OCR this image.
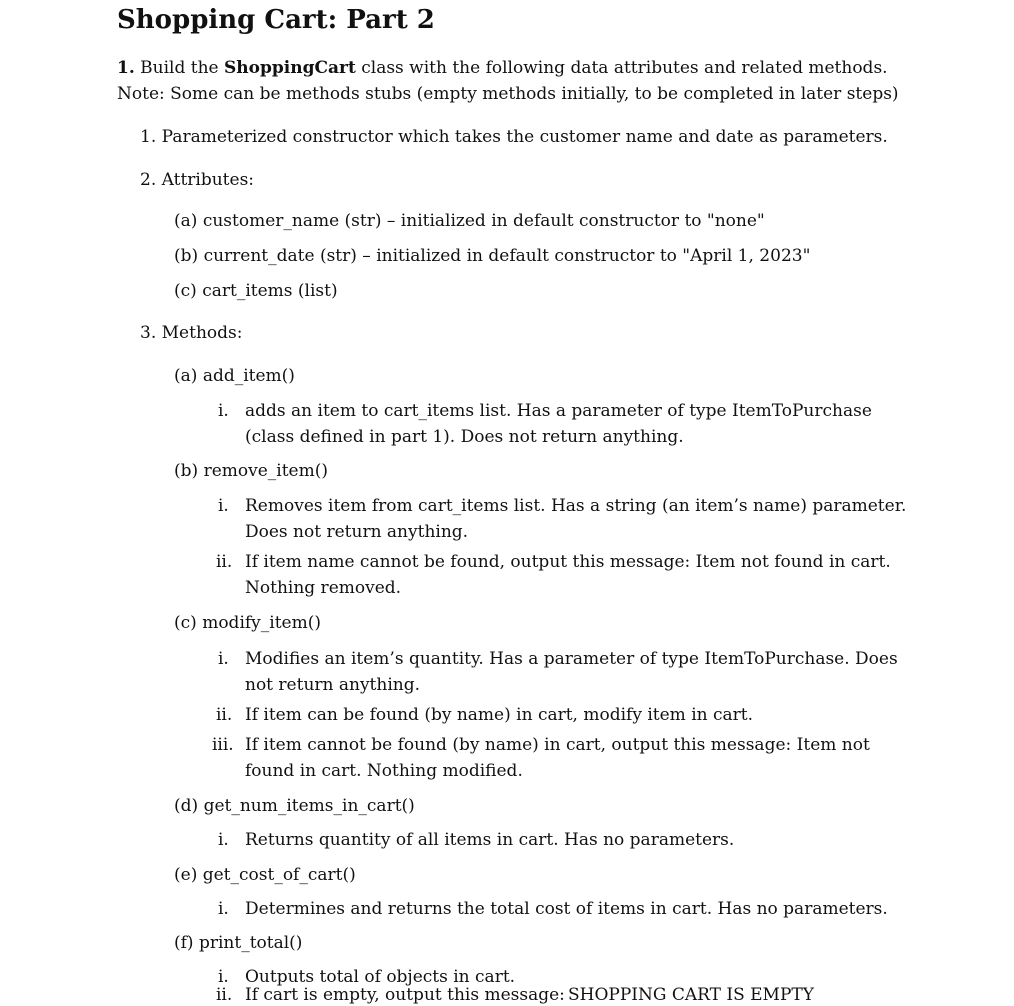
Shopping Cart: Part 2
1. Build the ShoppingCart class with the following data attributes and related methods.
Note: Some can be methods stubs (empty methods initially, to be completed in later steps)
1. Parameterized constructor which takes the customer name and date as parameters.
2. Attributes:
(a) customer_name (str) – initialized in default constructor to "none"
(b) current_date (str) – initialized in default constructor to "April 1, 2023"
(c) cart_items (list)
3. Methods:
(a) add_item()
i. adds an item to cart_items list. Has a parameter of type ItemToPurchase
(class defined in part 1). Does not return anything.
(b) remove_item()
i. Removes item from cart_items list. Has a string (an item’s name) parameter.
Does not return anything.
ii. If item name cannot be found, output this message: Item not found in cart.
Nothing removed.
(c) modify_item()
i. Modifies an item’s quantity. Has a parameter of type ItemToPurchase. Does
not return anything.
ii. If item can be found (by name) in cart, modify item in cart.
iii. If item cannot be found (by name) in cart, output this message: Item not
found in cart. Nothing modified.
(d) get_num_items_in_cart()
i. Returns quantity of all items in cart. Has no parameters.
(e) get_cost_of_cart()
i. Determines and returns the total cost of items in cart. Has no parameters.
(f) print_total()
i. Outputs total of objects in cart.
ii. If cart is empty, output this message: SHOPPING CART IS EMPTY
